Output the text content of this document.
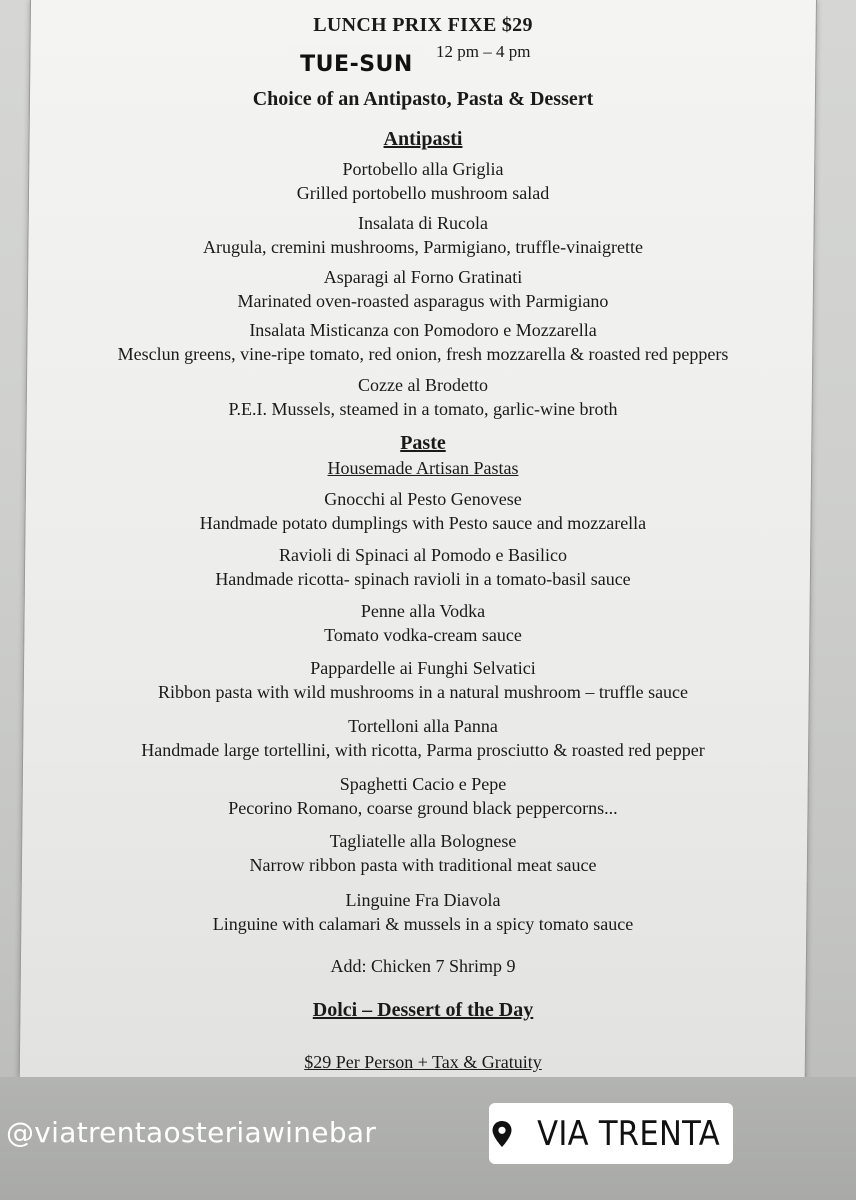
LUNCH PRIX FIXE $29
12 pm – 4 pm
Choice of an Antipasto, Pasta & Dessert
Antipasti
Portobello alla Griglia
Grilled portobello mushroom salad
Insalata di Rucola
Arugula, cremini mushrooms, Parmigiano, truffle-vinaigrette
Asparagi al Forno Gratinati
Marinated oven-roasted asparagus with Parmigiano
Insalata Misticanza con Pomodoro e Mozzarella
Mesclun greens, vine-ripe tomato, red onion, fresh mozzarella & roasted red peppers
Cozze al Brodetto
P.E.I. Mussels, steamed in a tomato, garlic-wine broth
Paste
Housemade Artisan Pastas
Gnocchi al Pesto Genovese
Handmade potato dumplings with Pesto sauce and mozzarella
Ravioli di Spinaci al Pomodo e Basilico
Handmade ricotta- spinach ravioli in a tomato-basil sauce
Penne alla Vodka
Tomato vodka-cream sauce
Pappardelle ai Funghi Selvatici
Ribbon pasta with wild mushrooms in a natural mushroom – truffle sauce
Tortelloni alla Panna
Handmade large tortellini, with ricotta, Parma prosciutto & roasted red pepper
Spaghetti Cacio e Pepe
Pecorino Romano, coarse ground black peppercorns...
Tagliatelle alla Bolognese
Narrow ribbon pasta with traditional meat sauce
Linguine Fra Diavola
Linguine with calamari & mussels in a spicy tomato sauce
Add: Chicken 7 Shrimp 9
Dolci – Dessert of the Day
$29 Per Person + Tax & Gratuity
TUE-SUN
@viatrentaosteriawinebar	VIA TRENTA
